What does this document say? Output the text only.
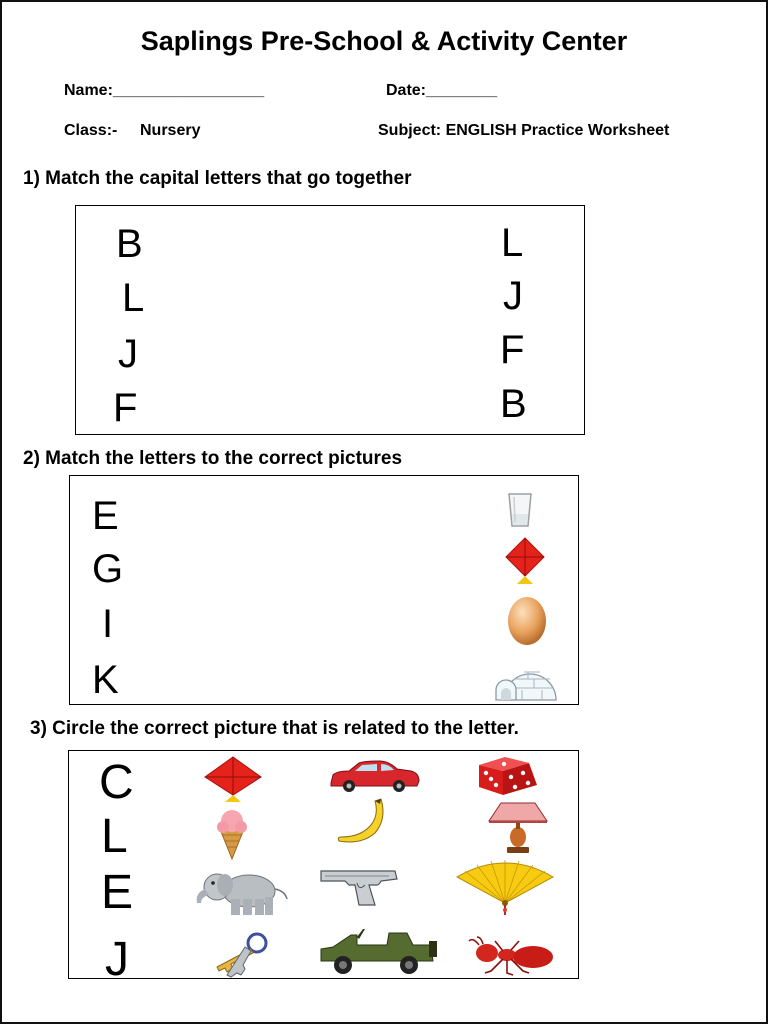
Saplings Pre-School & Activity Center
Name:_________________	Date:________
Class:- Nursery	Subject: ENGLISH Practice Worksheet
1) Match the capital letters that go together
B
L
J
F
L
J
F
B
2) Match the letters to the correct pictures
E
G
I
K
3) Circle the correct picture that is related to the letter.
C
L
E
J
